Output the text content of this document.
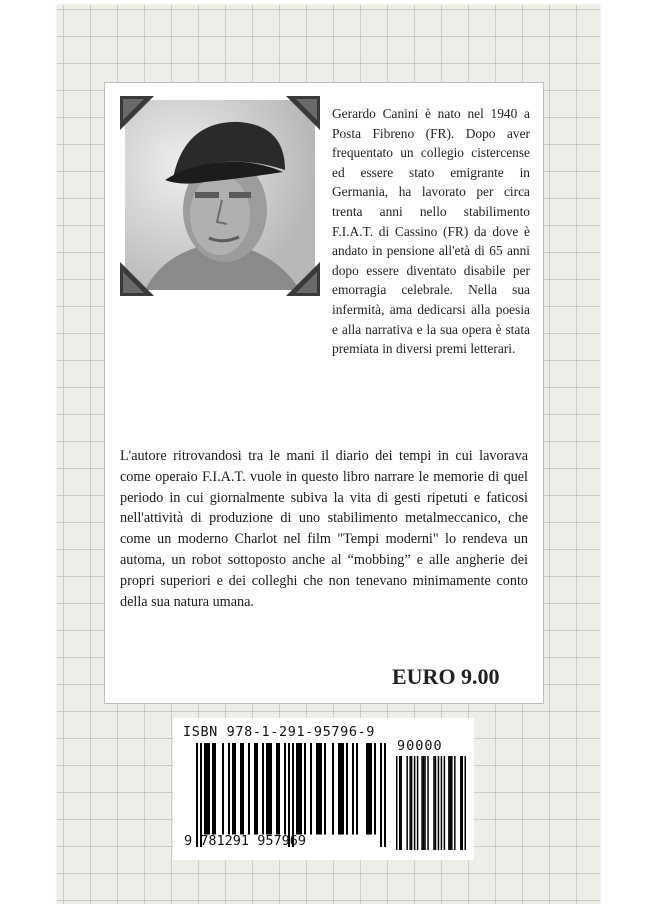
Gerardo Canini è nato nel 1940 a Posta Fibreno (FR). Dopo aver frequentato un collegio cistercense ed essere stato emigrante in Germania, ha lavorato per circa trenta anni nello stabilimento F.I.A.T. di Cassino (FR) da dove è andato in pensione all'età di 65 anni dopo essere diventato disabile per emorragia celebrale. Nella sua infermità, ama dedicarsi alla poesia e alla narrativa e la sua opera è stata premiata in diversi premi letterari.

L'autore ritrovandosi tra le mani il diario dei tempi in cui lavorava come operaio F.I.A.T. vuole in questo libro narrare le memorie di quel periodo in cui giornalmente subiva la vita di gesti ripetuti e faticosi nell'attività di produzione di uno stabilimento metalmeccanico, che come un moderno Charlot nel film "Tempi moderni" lo rendeva un automa, un robot sottoposto anche al “mobbing” e alle angherie dei propri superiori e dei colleghi che non tenevano minimamente conto della sua natura umana.

EURO 9.00

ISBN 978-1-291-95796-9

90000

9 781291 957969
